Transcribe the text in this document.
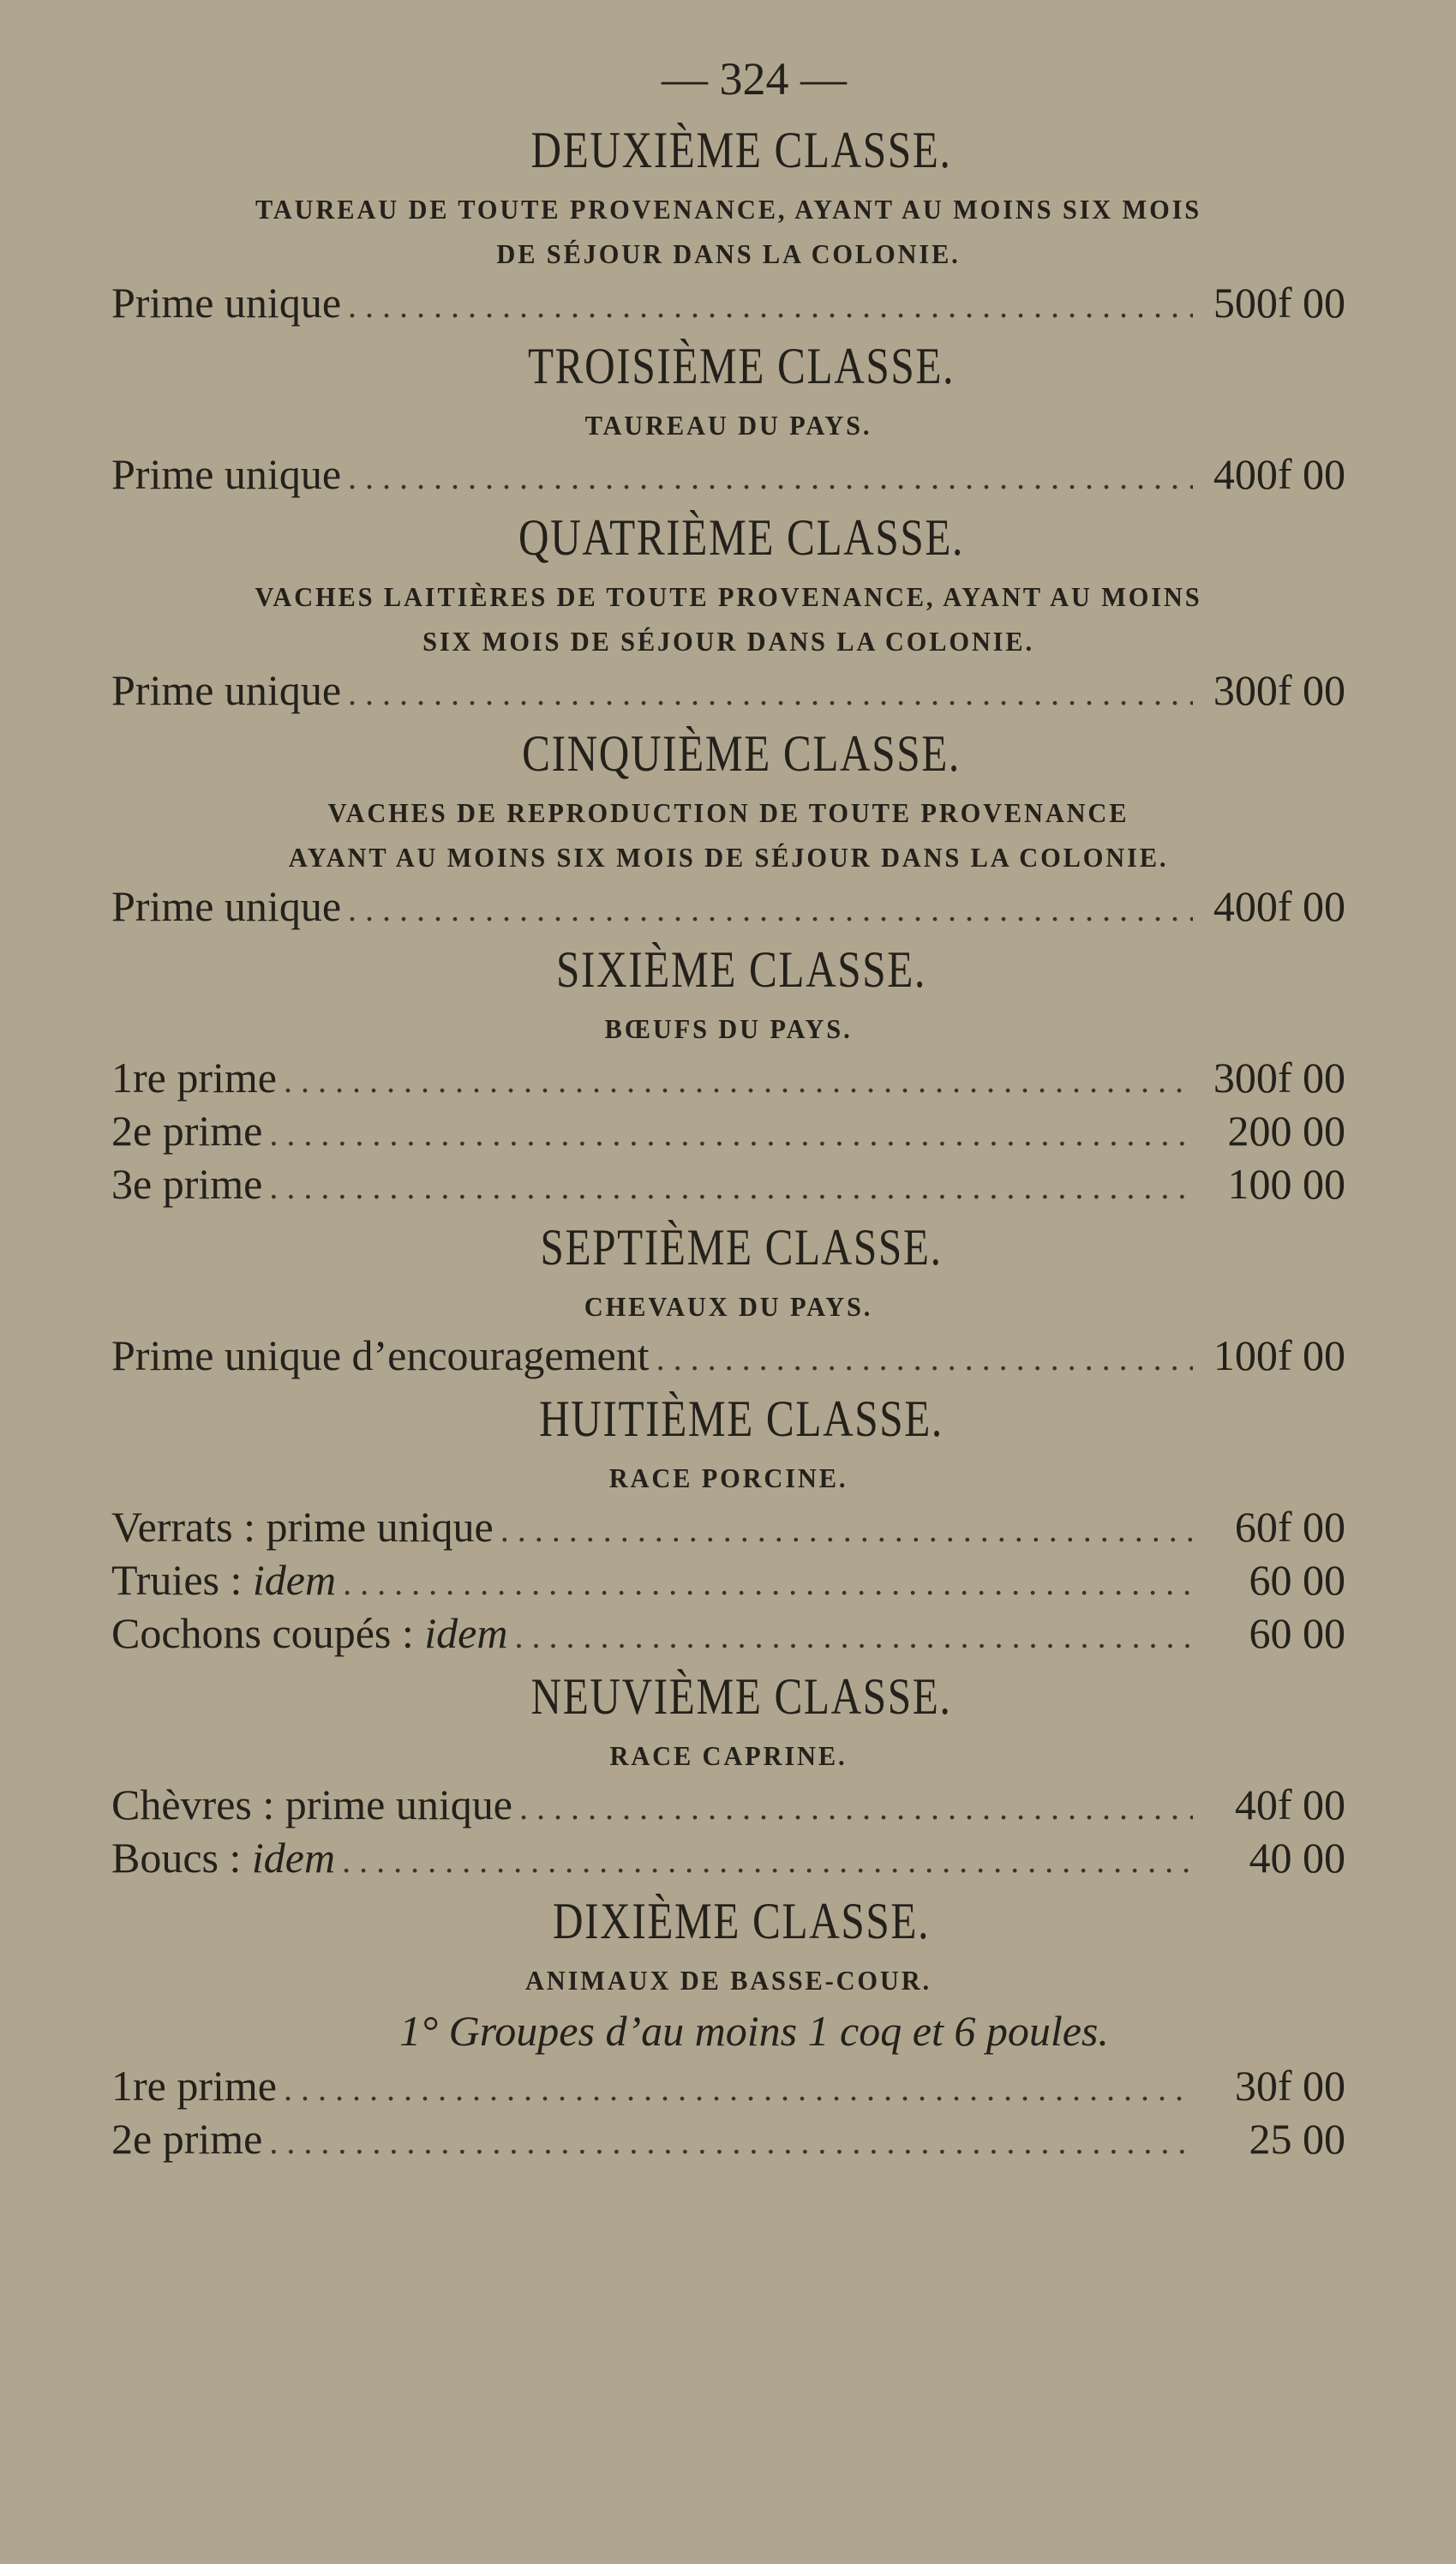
— 324 —
DEUXIÈME CLASSE.
TAUREAU DE TOUTE PROVENANCE, AYANT AU MOINS SIX MOIS
DE SÉJOUR DANS LA COLONIE.
Prime unique . . .	500f 00
TROISIÈME CLASSE.
TAUREAU DU PAYS.
Prime unique . . .	400f 00
QUATRIÈME CLASSE.
VACHES LAITIÈRES DE TOUTE PROVENANCE, AYANT AU MOINS
SIX MOIS DE SÉJOUR DANS LA COLONIE.
Prime unique . . .	300f 00
CINQUIÈME CLASSE.
VACHES DE REPRODUCTION DE TOUTE PROVENANCE
AYANT AU MOINS SIX MOIS DE SÉJOUR DANS LA COLONIE.
Prime unique . . .	400f 00
SIXIÈME CLASSE.
BŒUFS DU PAYS.
1re prime . . .	300f 00
2e prime . . .	200 00
3e prime . . .	100 00
SEPTIÈME CLASSE.
CHEVAUX DU PAYS.
Prime unique d’encouragement . . .	100f 00
HUITIÈME CLASSE.
RACE PORCINE.
Verrats : prime unique . . .	60f 00
Truies : idem . . .	60 00
Cochons coupés : idem . . .	60 00
NEUVIÈME CLASSE.
RACE CAPRINE.
Chèvres : prime unique . . .	40f 00
Boucs : idem . . .	40 00
DIXIÈME CLASSE.
ANIMAUX DE BASSE-COUR.
1° Groupes d’au moins 1 coq et 6 poules.
1re prime . . .	30f 00
2e prime . . .	25 00
